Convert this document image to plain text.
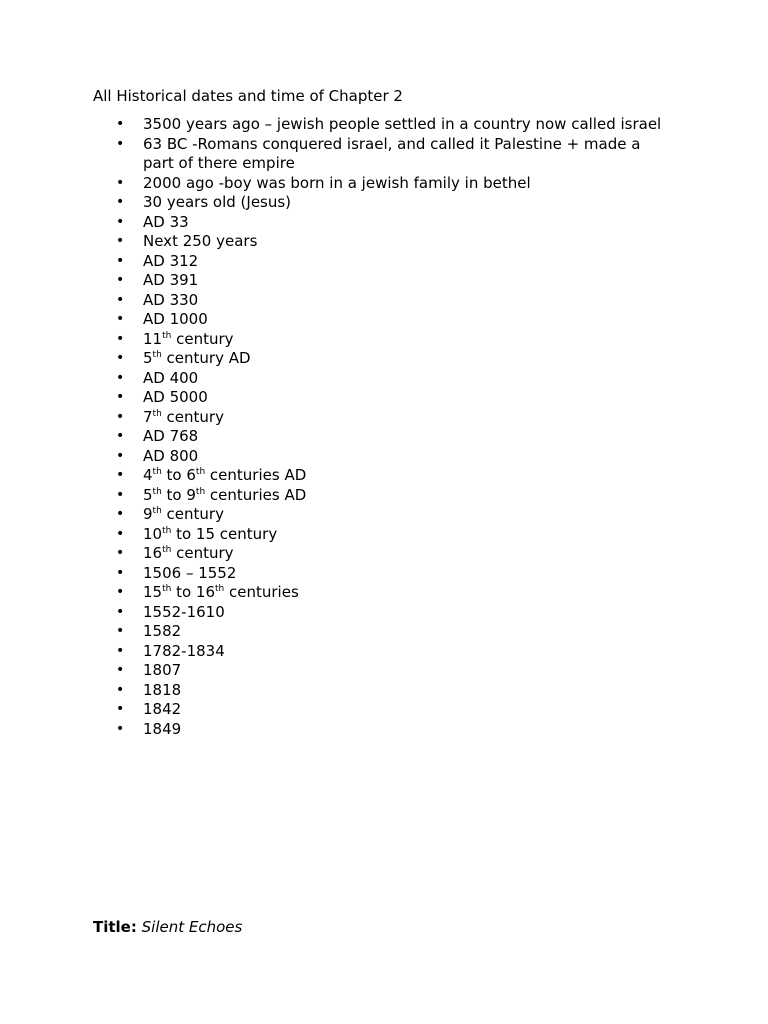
All Historical dates and time of Chapter 2
• 3500 years ago – jewish people settled in a country now called israel
• 63 BC -Romans conquered israel, and called it Palestine + made a part of there empire
• 2000 ago -boy was born in a jewish family in bethel
• 30 years old (Jesus)
• AD 33
• Next 250 years
• AD 312
• AD 391
• AD 330
• AD 1000
• 11th century
• 5th century AD
• AD 400
• AD 5000
• 7th century
• AD 768
• AD 800
• 4th to 6th centuries AD
• 5th to 9th centuries AD
• 9th century
• 10th to 15 century
• 16th century
• 1506 – 1552
• 15th to 16th centuries
• 1552-1610
• 1582
• 1782-1834
• 1807
• 1818
• 1842
• 1849
Title: Silent Echoes
